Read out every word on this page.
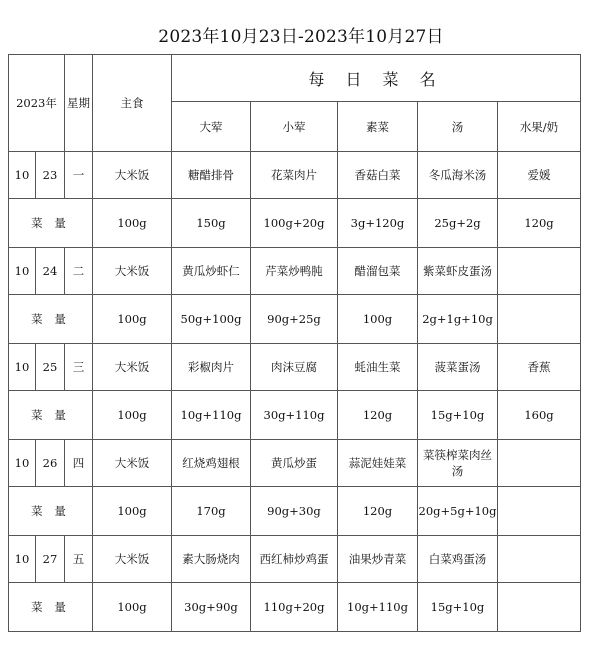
2023年10月23日-2023年10月27日
2023年		星期	主食	每 日 菜 名				
				大荤	小荤	素菜	汤	水果/奶
10	23	一	大米饭	糖醋排骨	花菜肉片	香菇白菜	冬瓜海米汤	爱媛
菜 量			100g	150g	100g+20g	3g+120g	25g+2g	120g
10	24	二	大米饭	黄瓜炒虾仁	芹菜炒鸭肫	醋溜包菜	紫菜虾皮蛋汤	
菜 量			100g	50g+100g	90g+25g	100g	2g+1g+10g	
10	25	三	大米饭	彩椒肉片	肉沫豆腐	蚝油生菜	菠菜蛋汤	香蕉
菜 量			100g	10g+110g	30g+110g	120g	15g+10g	160g
10	26	四	大米饭	红烧鸡翅根	黄瓜炒蛋	蒜泥娃娃菜	菜筷榨菜肉丝汤	
菜 量			100g	170g	90g+30g	120g	20g+5g+10g	
10	27	五	大米饭	素大肠烧肉	西红柿炒鸡蛋	油果炒青菜	白菜鸡蛋汤	
菜 量			100g	30g+90g	110g+20g	10g+110g	15g+10g	
